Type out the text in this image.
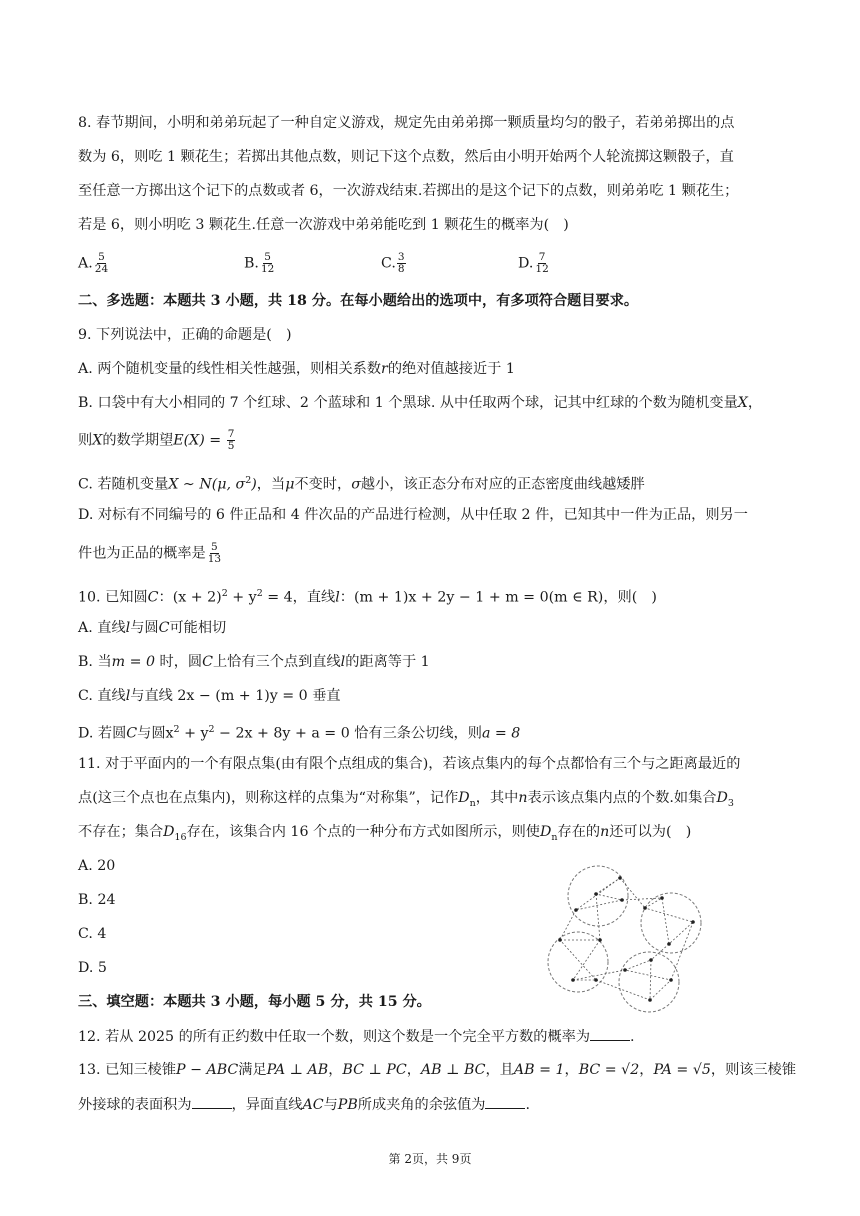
8. 春节期间，小明和弟弟玩起了一种自定义游戏，规定先由弟弟掷一颗质量均匀的骰子，若弟弟掷出的点
数为 6，则吃 1 颗花生；若掷出其他点数，则记下这个点数，然后由小明开始两个人轮流掷这颗骰子，直
至任意一方掷出这个记下的点数或者 6，一次游戏结束.若掷出的是这个记下的点数，则弟弟吃 1 颗花生；
若是 6，则小明吃 3 颗花生.任意一次游戏中弟弟能吃到 1 颗花生的概率为(　)
A. $\frac{5}{24}$	B. $\frac{5}{12}$	C. $\frac{3}{8}$	D. $\frac{7}{12}$
二、多选题：本题共 3 小题，共 18 分。在每小题给出的选项中，有多项符合题目要求。
9. 下列说法中，正确的命题是(　)
A. 两个随机变量的线性相关性越强，则相关系数r的绝对值越接近于 1
B. 口袋中有大小相同的 7 个红球、2 个蓝球和 1 个黑球. 从中任取两个球，记其中红球的个数为随机变量X，
则X的数学期望$E(X) = \frac{7}{5}$
C. 若随机变量X ∼ N(μ, $\sigma^2$)，当μ不变时，σ越小，该正态分布对应的正态密度曲线越矮胖
D. 对标有不同编号的 6 件正品和 4 件次品的产品进行检测，从中任取 2 件，已知其中一件为正品，则另一
件也为正品的概率是 $\frac{5}{13}$
10. 已知圆C：$(x + 2)^2 + y^2 = 4$，直线l：(m + 1)x + 2y − 1 + m = 0(m ∈ R)，则(　)
A. 直线l与圆C可能相切
B. 当m = 0 时，圆C上恰有三个点到直线l的距离等于 1
C. 直线l与直线 2x − (m + 1)y = 0 垂直
D. 若圆C与圆$x^2 + y^2 - 2x + 8y + a = 0$ 恰有三条公切线，则a = 8
11. 对于平面内的一个有限点集(由有限个点组成的集合)，若该点集内的每个点都恰有三个与之距离最近的
点(这三个点也在点集内)，则称这样的点集为“对称集”，记作$D_n$，其中n表示该点集内点的个数.如集合$D_3$
不存在；集合$D_{16}$存在，该集合内 16 个点的一种分布方式如图所示，则使$D_n$存在的n还可以为(　)
A. 20
B. 24
C. 4
D. 5
三、填空题：本题共 3 小题，每小题 5 分，共 15 分。
12. 若从 2025 的所有正约数中任取一个数，则这个数是一个完全平方数的概率为	.
13. 已知三棱锥P − ABC满足PA ⊥ AB，BC ⊥ PC，AB ⊥ BC，且AB = 1，BC = √2，PA = √5，则该三棱锥
外接球的表面积为	，异面直线AC与PB所成夹角的余弦值为	.
第 2页，共 9页
